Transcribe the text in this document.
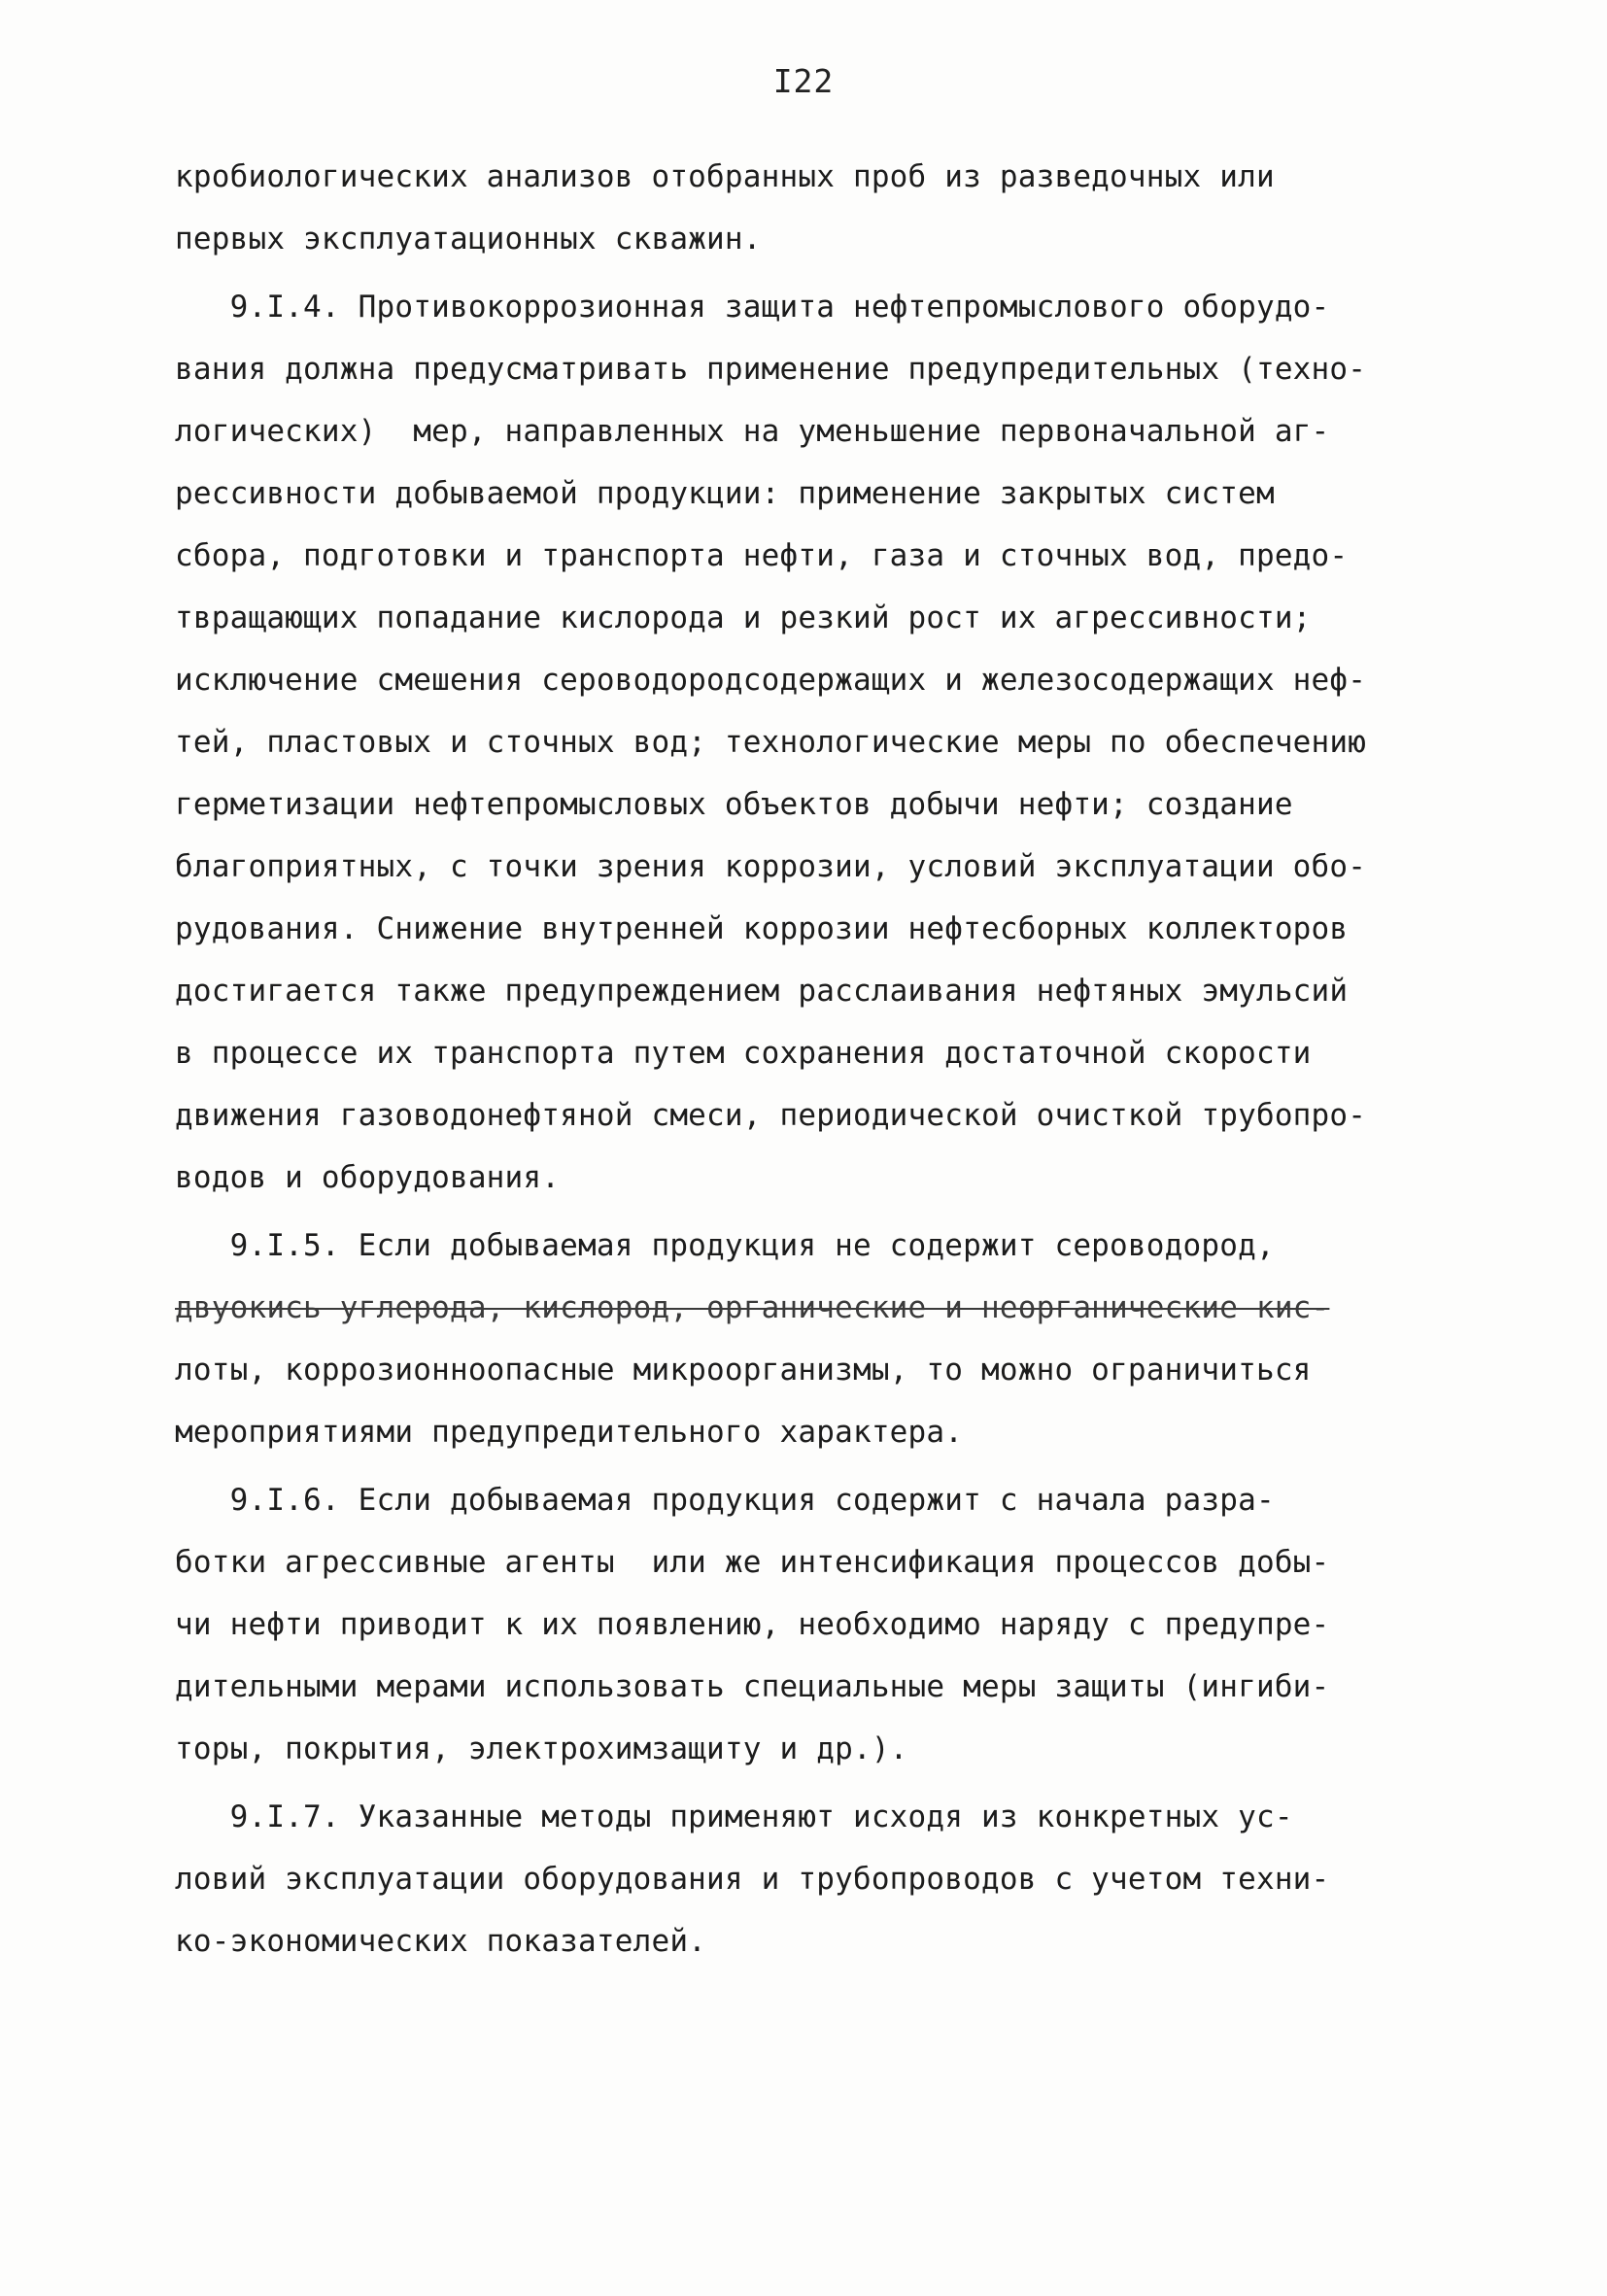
I22
кробиологических анализов отобранных проб из разведочных или
первых эксплуатационных скважин.
9.I.4. Противокоррозионная защита нефтепромыслового оборудо-
вания должна предусматривать применение предупредительных (техно-
логических)  мер, направленных на уменьшение первоначальной аг-
рессивности добываемой продукции: применение закрытых систем
сбора, подготовки и транспорта нефти, газа и сточных вод, предо-
твращающих попадание кислорода и резкий рост их агрессивности;
исключение смешения сероводородсодержащих и железосодержащих неф-
тей, пластовых и сточных вод; технологические меры по обеспечению
герметизации нефтепромысловых объектов добычи нефти; создание
благоприятных, с точки зрения коррозии, условий эксплуатации обо-
рудования. Снижение внутренней коррозии нефтесборных коллекторов
достигается также предупреждением расслаивания нефтяных эмульсий
в процессе их транспорта путем сохранения достаточной скорости
движения газоводонефтяной смеси, периодической очисткой трубопро-
водов и оборудования.
9.I.5. Если добываемая продукция не содержит сероводород,
двуокись углерода, кислород, органические и неорганические кис-
лоты, коррозионноопасные микроорганизмы, то можно ограничиться
мероприятиями предупредительного характера.
9.I.6. Если добываемая продукция содержит с начала разра-
ботки агрессивные агенты  или же интенсификация процессов добы-
чи нефти приводит к их появлению, необходимо наряду с предупре-
дительными мерами использовать специальные меры защиты (ингиби-
торы, покрытия, электрохимзащиту и др.).
9.I.7. Указанные методы применяют исходя из конкретных ус-
ловий эксплуатации оборудования и трубопроводов с учетом техни-
ко-экономических показателей.
